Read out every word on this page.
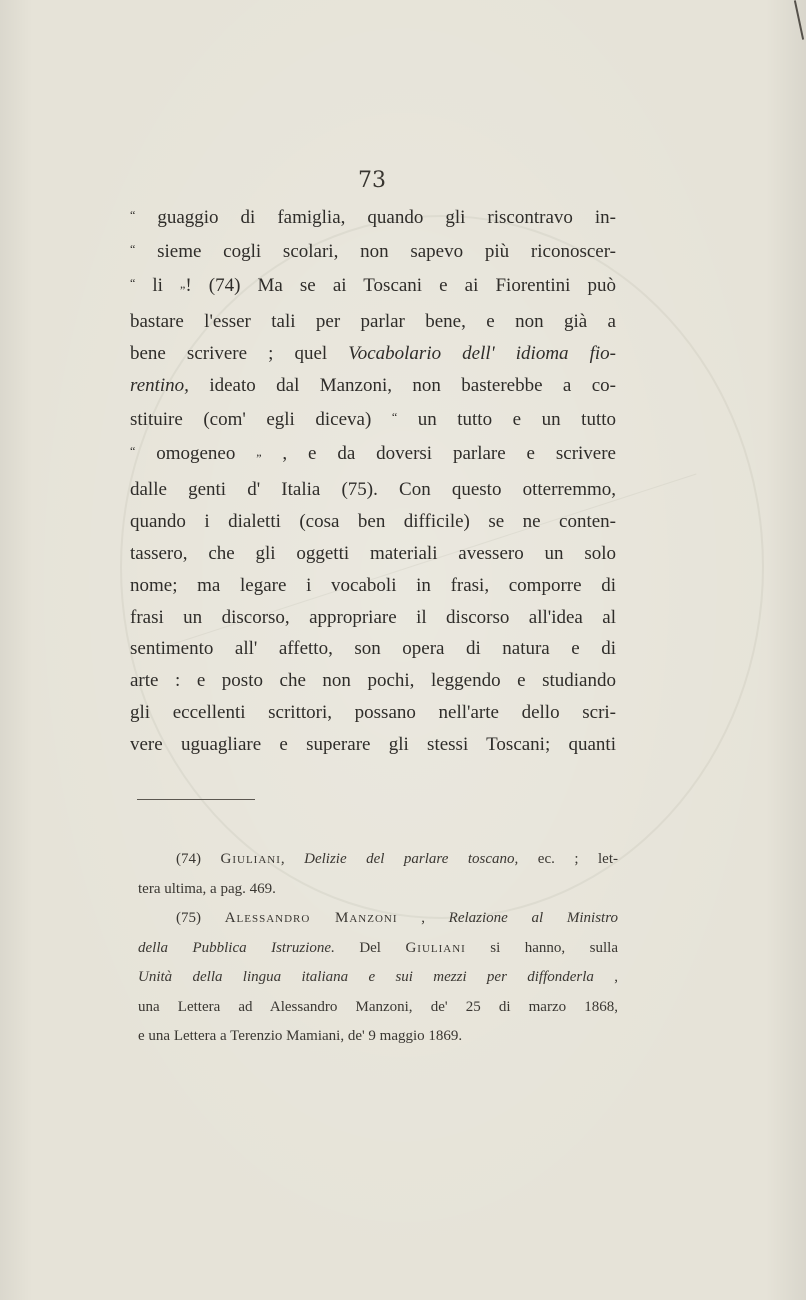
73
“ guaggio di famiglia, quando gli riscontravo in-
“ sieme cogli scolari, non sapevo più riconoscer-
“ li ”! (74) Ma se ai Toscani e ai Fiorentini può
bastare l'esser tali per parlar bene, e non già a
bene scrivere ; quel Vocabolario dell' idioma fio-
rentino, ideato dal Manzoni, non basterebbe a co-
stituire (com' egli diceva) “ un tutto e un tutto
“ omogeneo ” , e da doversi parlare e scrivere
dalle genti d' Italia (75). Con questo otterremmo,
quando i dialetti (cosa ben difficile) se ne conten-
tassero, che gli oggetti materiali avessero un solo
nome; ma legare i vocaboli in frasi, comporre di
frasi un discorso, appropriare il discorso all'idea al
sentimento all' affetto, son opera di natura e di
arte : e posto che non pochi, leggendo e studiando
gli eccellenti scrittori, possano nell'arte dello scri-
vere uguagliare e superare gli stessi Toscani; quanti
(74) Giuliani, Delizie del parlare toscano, ec. ; let-
tera ultima, a pag. 469.
(75) Alessandro Manzoni , Relazione al Ministro
della Pubblica Istruzione. Del Giuliani si hanno, sulla
Unità della lingua italiana e sui mezzi per diffonderla ,
una Lettera ad Alessandro Manzoni, de' 25 di marzo 1868,
e una Lettera a Terenzio Mamiani, de' 9 maggio 1869.
